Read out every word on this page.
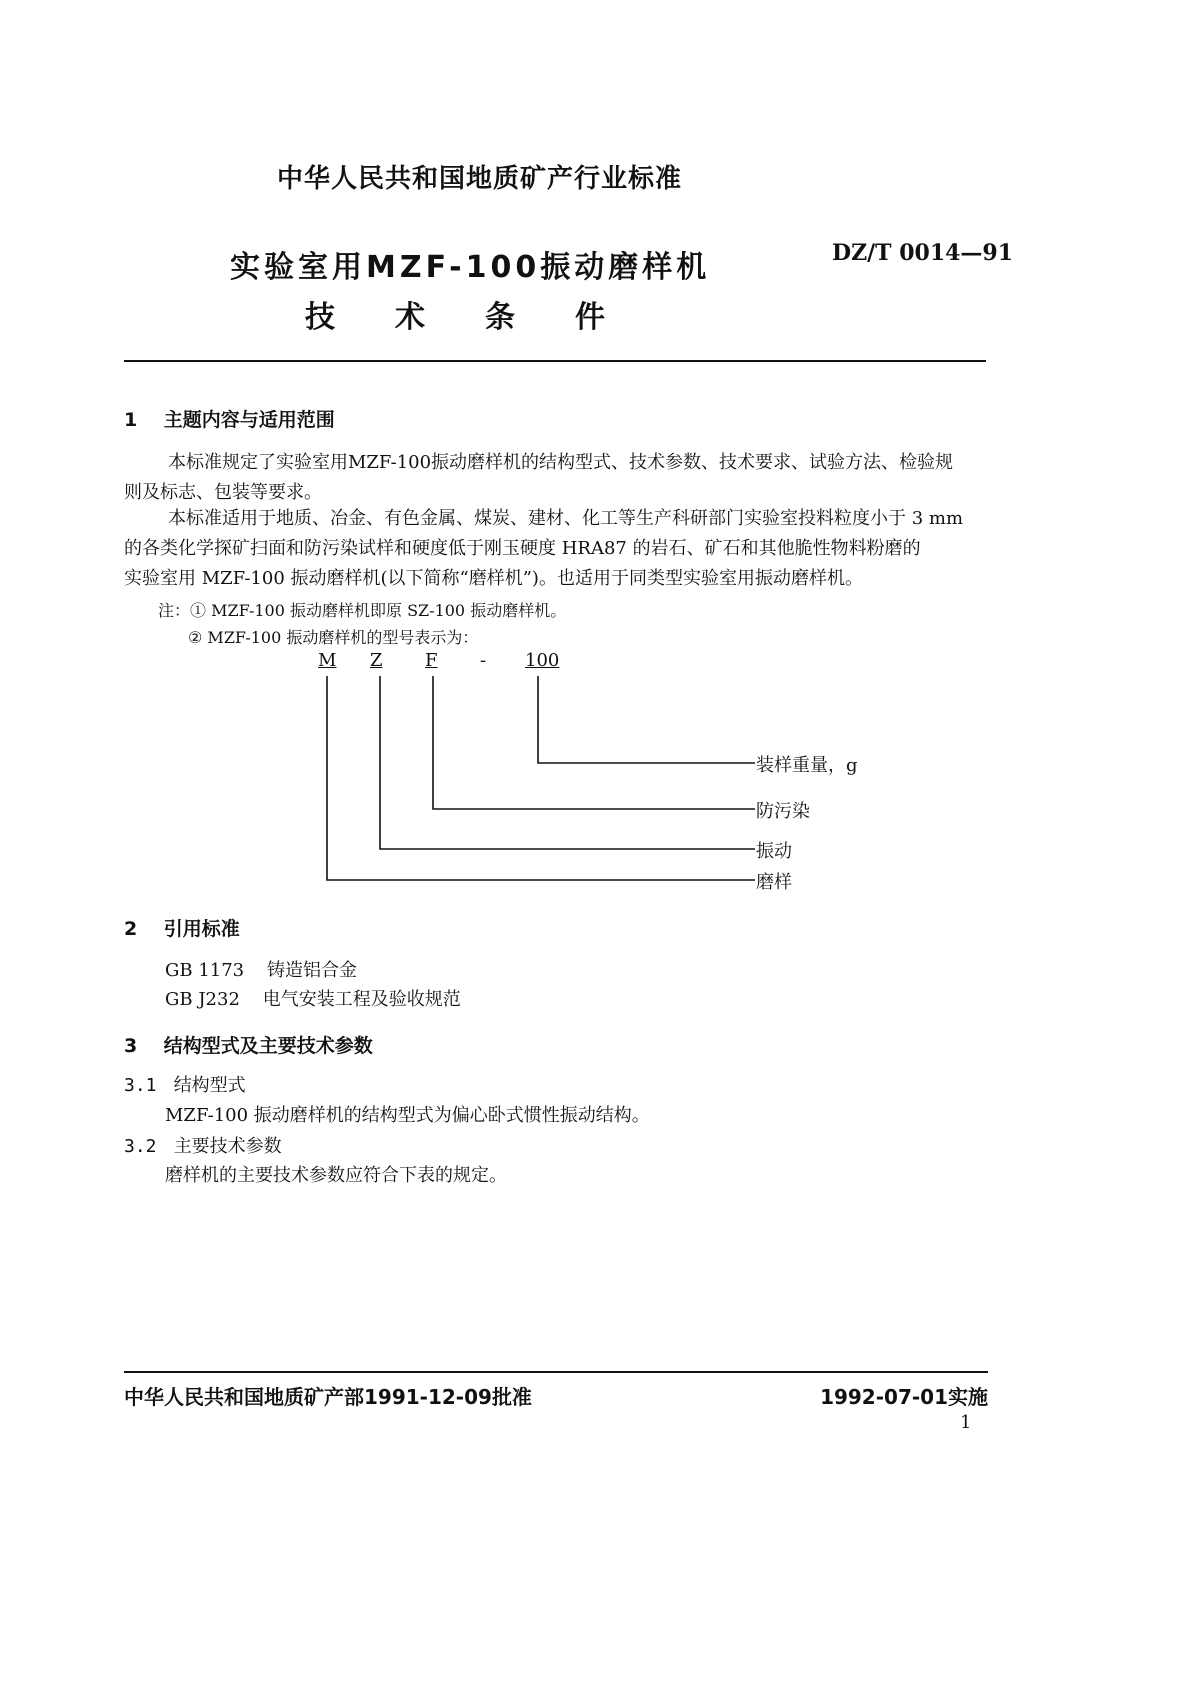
中华人民共和国地质矿产行业标准
实验室用MZF-100振动磨样机
技术条件
DZ/T 0014—91
1 主题内容与适用范围
本标准规定了实验室用MZF-100振动磨样机的结构型式、技术参数、技术要求、试验方法、检验规
则及标志、包装等要求。
本标准适用于地质、冶金、有色金属、煤炭、建材、化工等生产科研部门实验室投料粒度小于 3 mm
的各类化学探矿扫面和防污染试样和硬度低于刚玉硬度 HRA87 的岩石、矿石和其他脆性物料粉磨的
实验室用 MZF-100 振动磨样机(以下简称“磨样机”)。也适用于同类型实验室用振动磨样机。
注：① MZF-100 振动磨样机即原 SZ-100 振动磨样机。
② MZF-100 振动磨样机的型号表示为：
M Z F - 100
装样重量，g
防污染
振动
磨样
2 引用标准
GB 1173 铸造铝合金
GB J232 电气安装工程及验收规范
3 结构型式及主要技术参数
3.1 结构型式
MZF-100 振动磨样机的结构型式为偏心卧式惯性振动结构。
3.2 主要技术参数
磨样机的主要技术参数应符合下表的规定。
中华人民共和国地质矿产部1991-12-09批准	1992-07-01实施
1
